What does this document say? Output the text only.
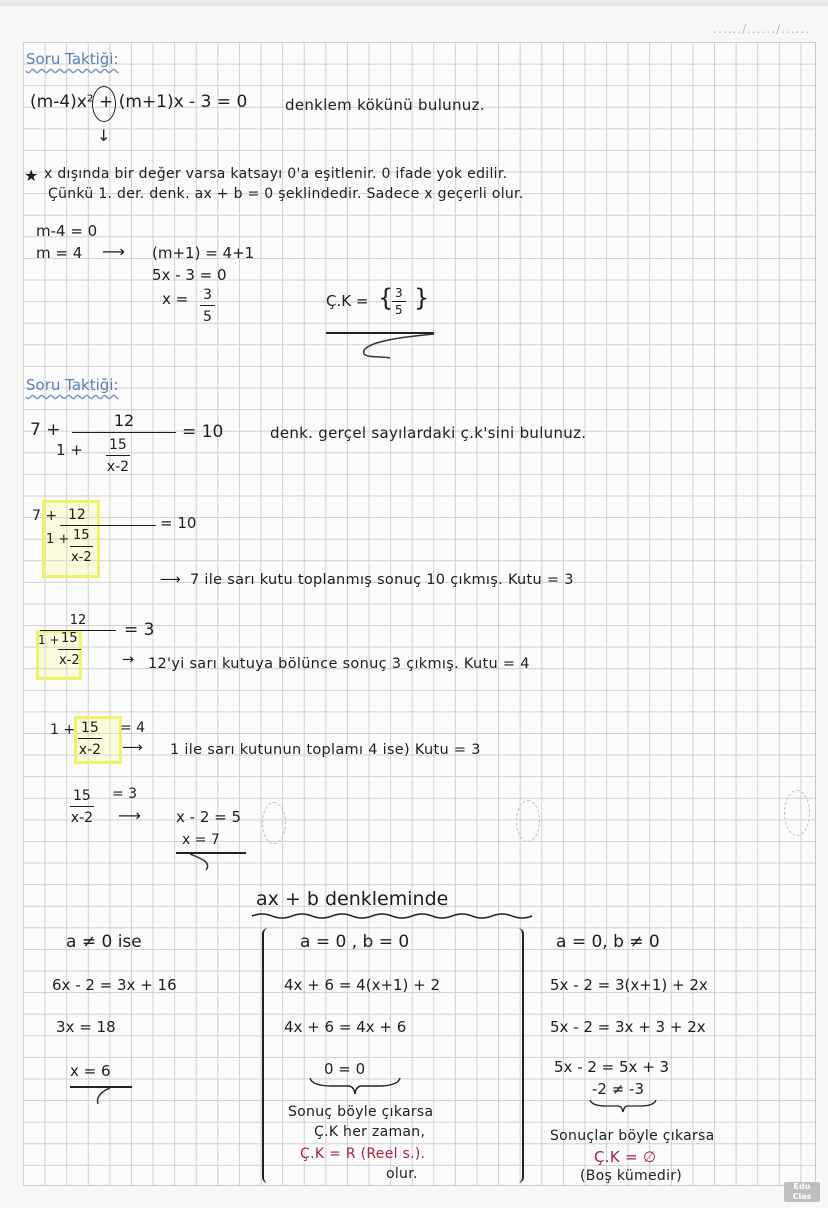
....../....../......
Soru Taktiği:
(m-4)x² + (m+1)x - 3 = 0	denklem kökünü bulunuz.
↓
★ x dışında bir değer varsa katsayı 0'a eşitlenir. 0 ifade yok edilir.
Çünkü 1. der. denk. ax + b = 0 şeklindedir. Sadece x geçerli olur.
m-4 = 0
m = 4 ⟶ (m+1) = 4+1
5x - 3 = 0
$x = \frac{3}{5}$	Ç.K = {
$\frac{3}{5}$ }
Soru Taktiği:
7 +	12
$1 + \frac{15}{x-2}$
= 10	denk. gerçel sayılardaki ç.k'sini bulunuz.
7 + 12
$1 + \frac{15}{x-2}$
= 10
⟶ 7 ile sarı kutu toplanmış sonuç 10 çıkmış. Kutu = 3
12
1 +
$\frac{15}{x-2}$	= 3
→ 12'yi sarı kutuya bölünce sonuç 3 çıkmış. Kutu = 4
$1 + \frac{15}{x-2} = 4$
⟶ 1 ile sarı kutunun toplamı 4 ise) Kutu = 3
$\frac{15}{x-2} = 3$
⟶ x - 2 = 5
x = 7
ax + b denkleminde
a ≠ 0 ise
6x - 2 = 3x + 16
3x = 18
x = 6
a = 0 , b = 0
4x + 6 = 4(x+1) + 2
4x + 6 = 4x + 6
0 = 0
Sonuç böyle çıkarsa
Ç.K her zaman,
Ç.K = R (Reel s.).
olur.
a = 0, b ≠ 0
5x - 2 = 3(x+1) + 2x
5x - 2 = 3x + 3 + 2x
5x - 2 = 5x + 3
-2 ≠ -3
Sonuçlar böyle çıkarsa
Ç.K = ∅
(Boş kümedir)
Edu Clas
